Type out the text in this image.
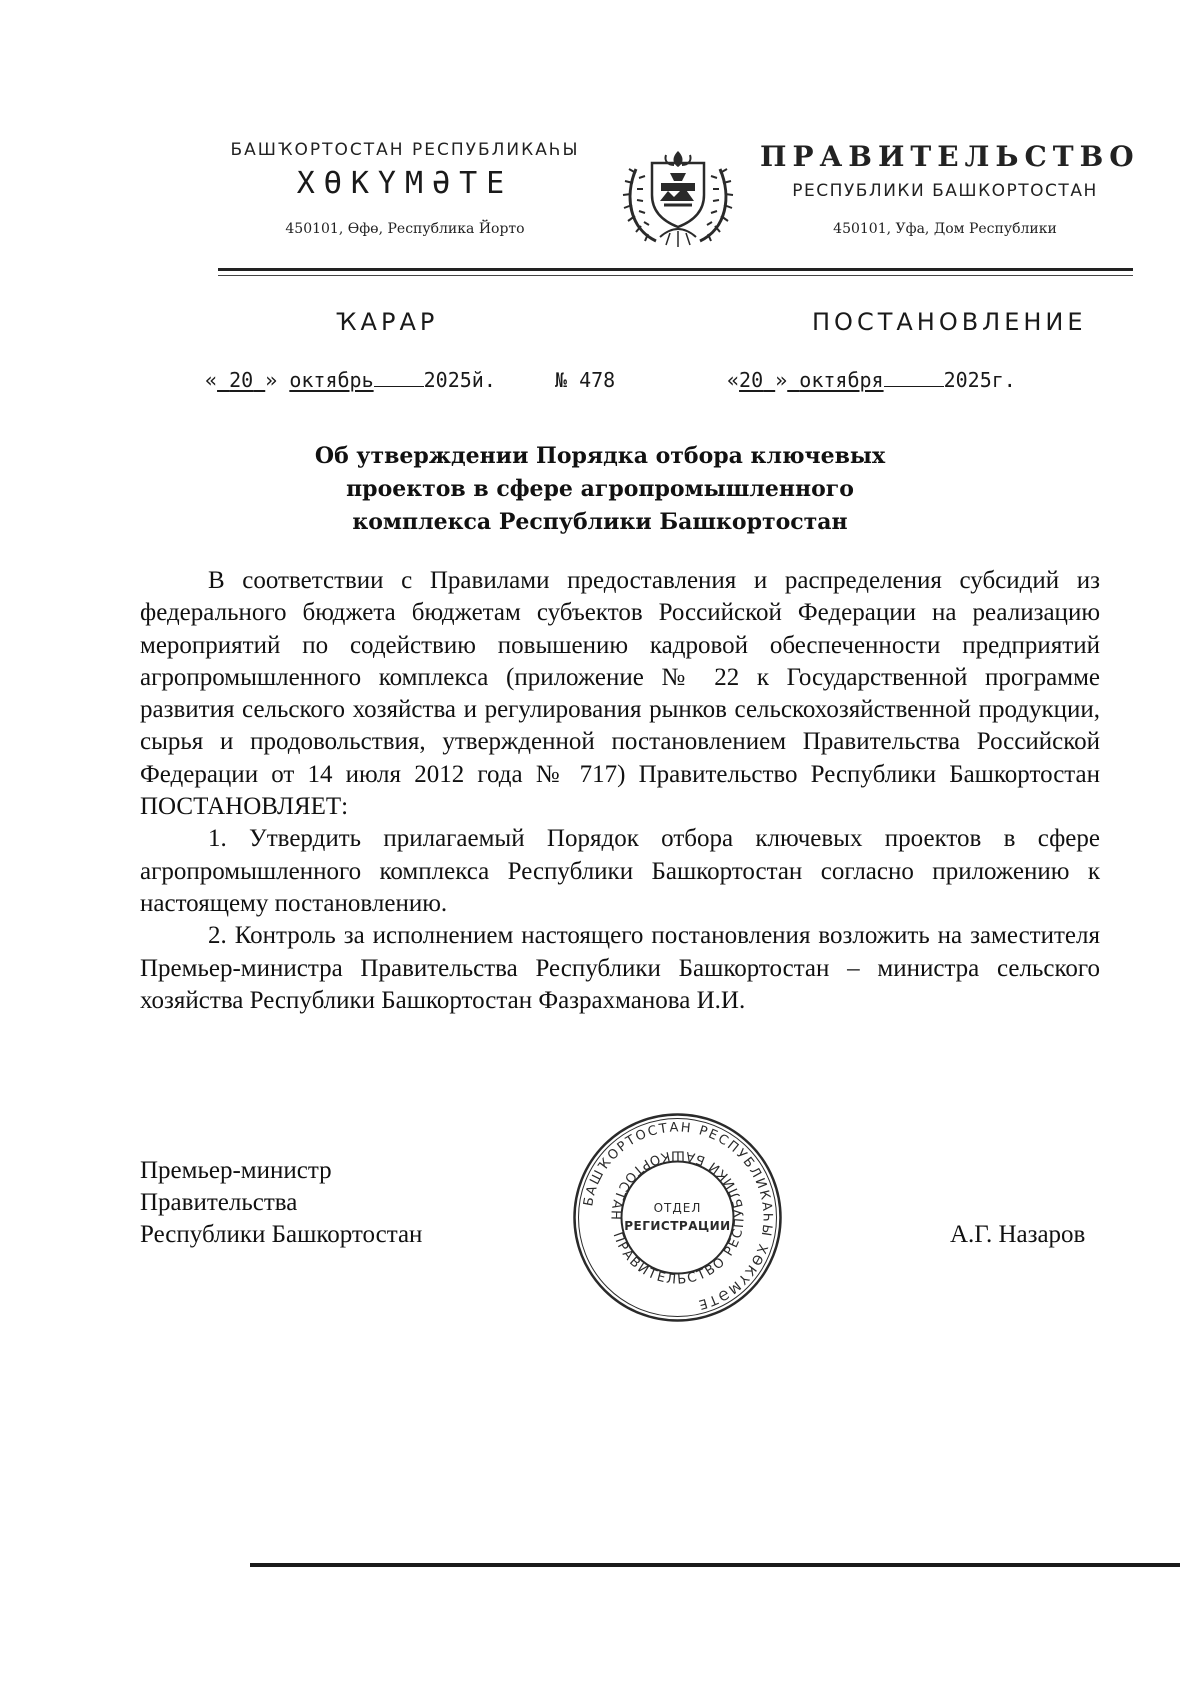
БАШҠОРТОСТАН РЕСПУБЛИКАҺЫ
ХӨКҮМӘТЕ
450101, Өфө, Республика Йорто
ПРАВИТЕЛЬСТВО
РЕСПУБЛИКИ БАШКОРТОСТАН
450101, Уфа, Дом Республики
ҠАРАР	ПОСТАНОВЛЕНИЕ
« 20 » октябрь	2025й.	№ 478	«20 » октября	2025г.
Об утверждении Порядка отбора ключевых
проектов в сфере агропромышленного
комплекса Республики Башкортостан

В соответствии с Правилами предоставления и распределения субсидий из федерального бюджета бюджетам субъектов Российской Федерации на реализацию мероприятий по содействию повышению кадровой обеспеченности предприятий агропромышленного комплекса (приложение № 22 к Государственной программе развития сельского хозяйства и регулирования рынков сельскохозяйственной продукции, сырья и продовольствия, утвержденной постановлением Правительства Российской Федерации от 14 июля 2012 года № 717) Правительство Республики Башкортостан ПОСТАНОВЛЯЕТ:

1. Утвердить прилагаемый Порядок отбора ключевых проектов в сфере агропромышленного комплекса Республики Башкортостан согласно приложению к настоящему постановлению.

2. Контроль за исполнением настоящего постановления возложить на заместителя Премьер-министра Правительства Республики Башкортостан – министра сельского хозяйства Республики Башкортостан Фазрахманова И.И.

Премьер-министр
Правительства
Республики Башкортостан
БАШҠОРТОСТАН РЕСПУБЛИКАҺЫ ХӨКҮМӘТЕ
ПРАВИТЕЛЬСТВО РЕСПУБЛИКИ БАШКОРТОСТАН
ОТДЕЛ
РЕГИСТРАЦИИ	А.Г. Назаров
